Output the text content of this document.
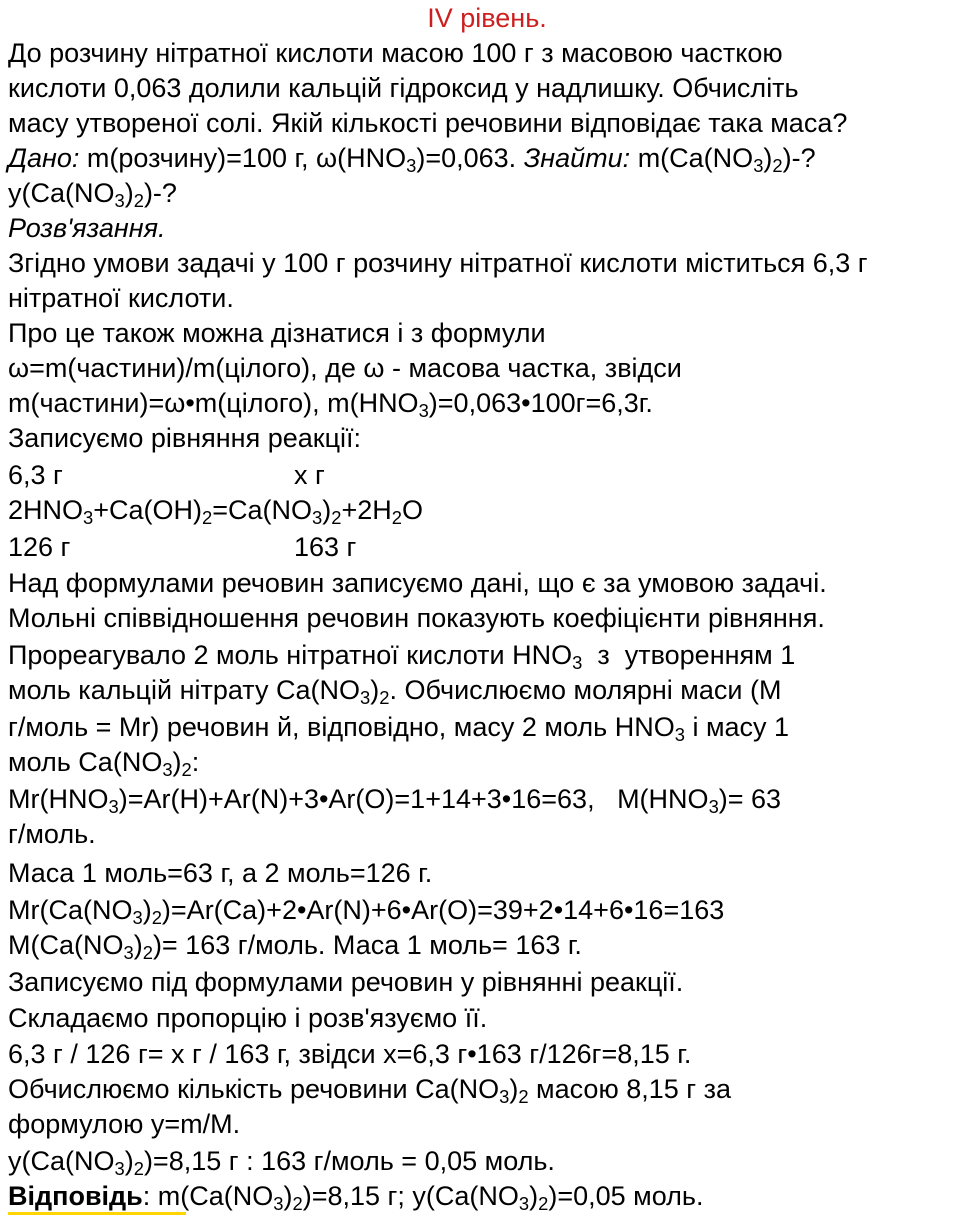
IV рівень.
До розчину нітратної кислоти масою 100 г з масовою часткою
кислоти 0,063 долили кальцій гідроксид у надлишку. Обчисліть
масу утвореної солі. Якій кількості речовини відповідає така маса?
Дано: m(розчину)=100 г, $\omega(HNO_3)=0,063$. Знайти: $m(Ca(NO_3)_2)-$?
$y(Ca(NO_3)_2)-$?
Розв'язання.
Згідно умови задачі у 100 г розчину нітратної кислоти міститься 6,3 г
нітратної кислоти.
Про це також можна дізнатися і з формули
ω=m(частини)/m(цілого), де ω - масова частка, звідси
m(частини)=ω•m(цілого), $m(HNO_3)=0,063•100г=6,3г$.
Записуємо рівняння реакції:
6,3 г	x г
$2HNO_3+Ca(OH)_2=Ca(NO_3)_2+2H_2O$
126 г	163 г
Над формулами речовин записуємо дані, що є за умовою задачі.
Мольні співвідношення речовин показують коефіцієнти рівняння.
Прореагувало 2 моль нітратної кислоти $HNO_3$  з  утворенням 1
моль кальцій нітрату $Ca(NO_3)_2$. Обчислюємо молярні маси (M
г/моль = Mr) речовин й, відповідно, масу 2 моль $HNO_3$ і масу 1
моль $Ca(NO_3)_2$:
$Mr(HNO_3)=Ar(H)+Ar(N)+3•Ar(O)=1+14+3•16=63$,   $M(HNO_3)= 63$
г/моль.
Маса 1 моль=63 г, а 2 моль=126 г.
$Mr(Ca(NO_3)_2)=Ar(Ca)+2•Ar(N)+6•Ar(O)=39+2•14+6•16=163$
$M(Ca(NO_3)_2)= 163$ г/моль. Маса 1 моль= 163 г.
Записуємо під формулами речовин у рівнянні реакції.
Складаємо пропорцію і розв'язуємо її.
6,3 г / 126 г= х г / 163 г, звідси х=6,3 г•163 г/126г=8,15 г.
Обчислюємо кількість речовини $Ca(NO_3)_2$ масою 8,15 г за
формулою y=m/M.
$y(Ca(NO_3)_2)=8,15$ г : 163 г/моль = 0,05 моль.
Відповідь: $m(Ca(NO_3)_2)=8,15$ г; $y(Ca(NO_3)_2)=0,05$ моль.
